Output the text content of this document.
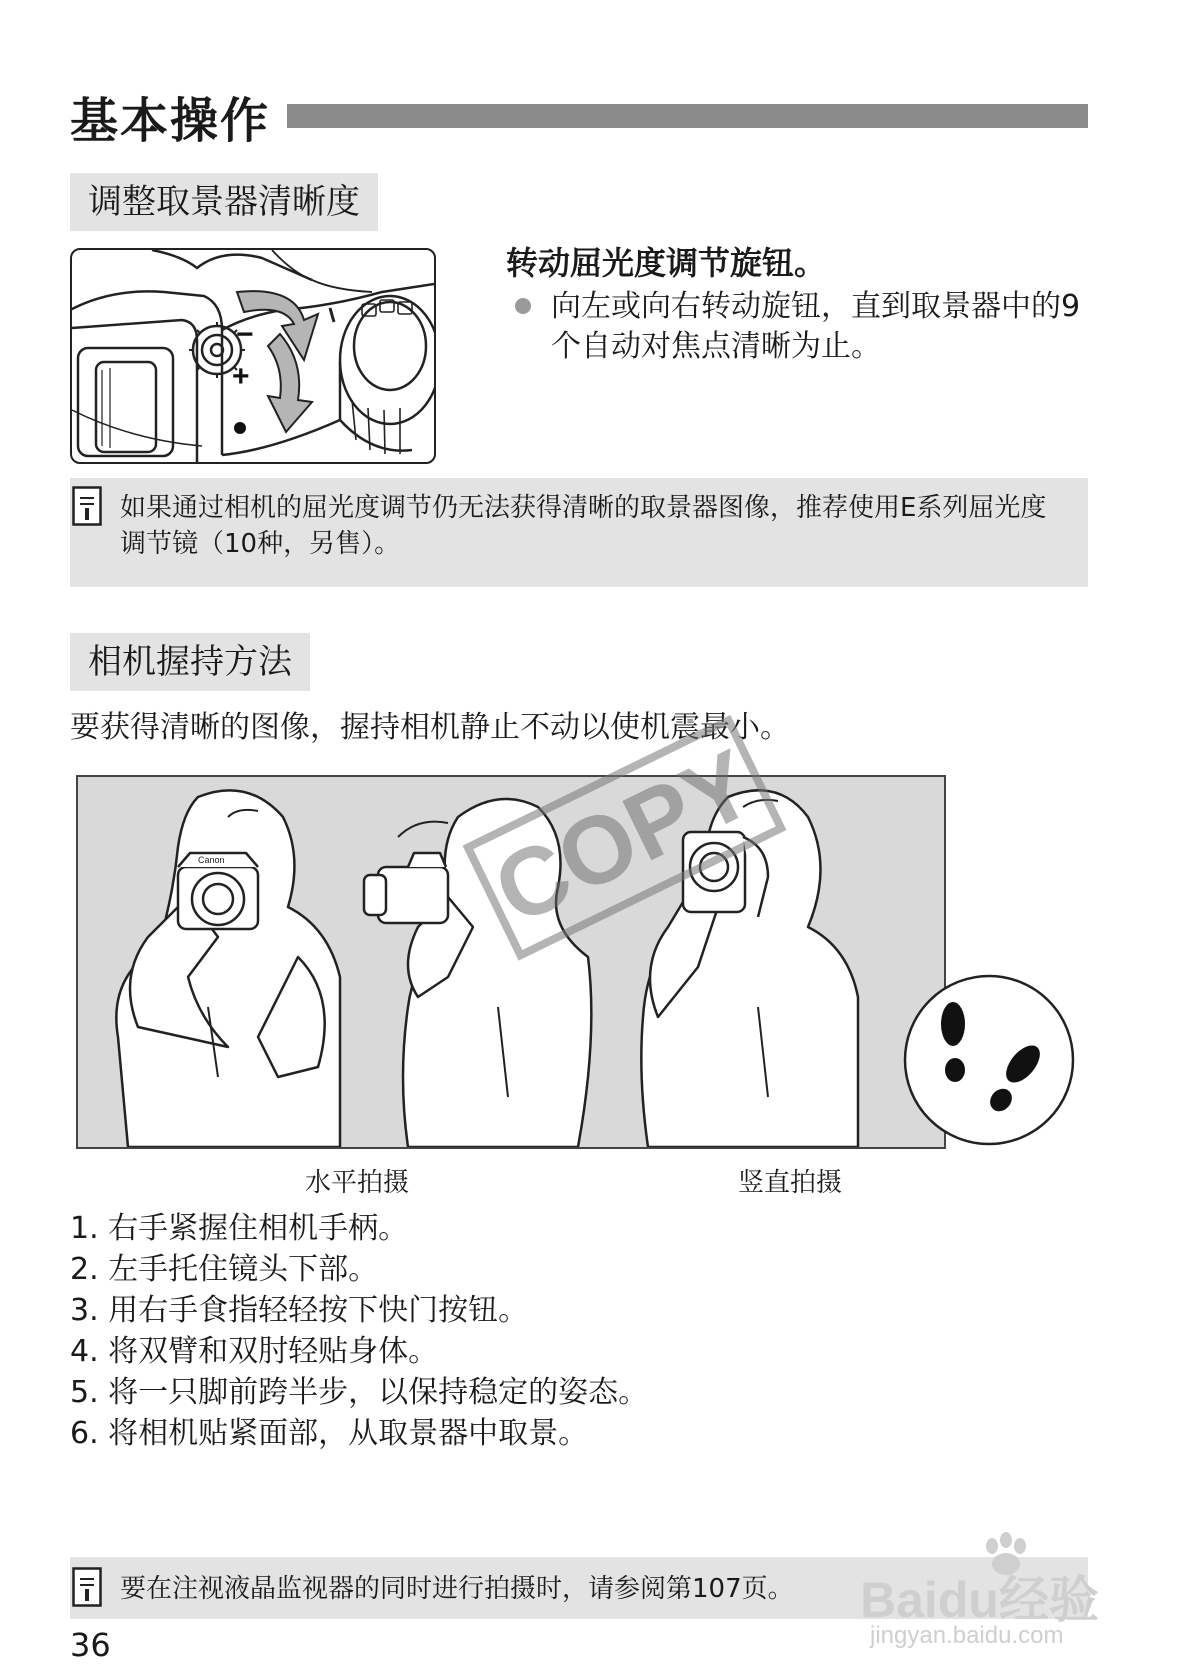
基本操作
调整取景器清晰度
−
+
转动屈光度调节旋钮。
向左或向右转动旋钮，直到取景器中的9个自动对焦点清晰为止。
如果通过相机的屈光度调节仍无法获得清晰的取景器图像，推荐使用E系列屈光度调节镜（10种，另售）。
相机握持方法
要获得清晰的图像，握持相机静止不动以使机震最小。
Canon	COPY
水平拍摄	竖直拍摄
1. 右手紧握住相机手柄。
2. 左手托住镜头下部。
3. 用右手食指轻轻按下快门按钮。
4. 将双臂和双肘轻贴身体。
5. 将一只脚前跨半步，以保持稳定的姿态。
6. 将相机贴紧面部，从取景器中取景。
要在注视液晶监视器的同时进行拍摄时，请参阅第107页。	Baidu经验
jingyan.baidu.com
36
